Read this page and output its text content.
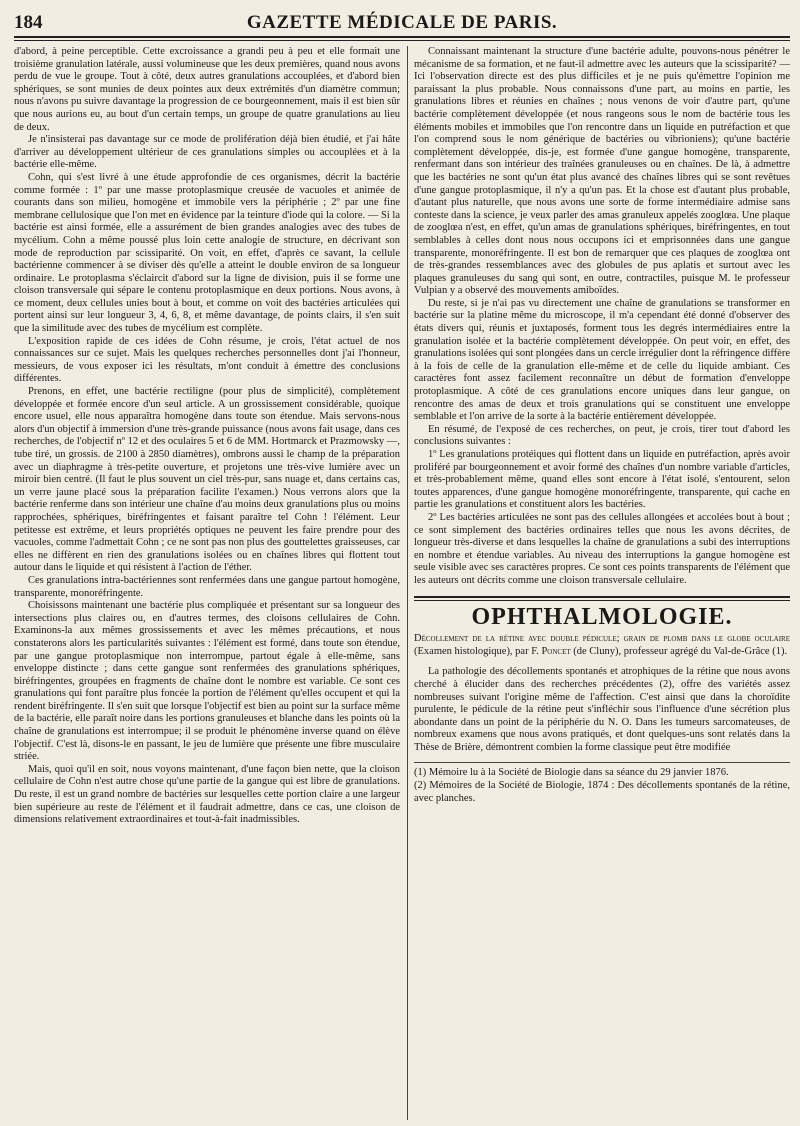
184	GAZETTE MÉDICALE DE PARIS.

d'abord, à peine perceptible. Cette excroissance a grandi peu à peu et elle formait une troisième granulation latérale, aussi volumineuse que les deux premières, quand nous avons perdu de vue le groupe. Tout à côté, deux autres granulations accouplées, et d'abord bien sphériques, se sont munies de deux pointes aux deux extrémités d'un diamètre commun; nous n'avons pu suivre davantage la progression de ce bourgeonnement, mais il est bien sûr que nous aurions eu, au bout d'un certain temps, un groupe de quatre granulations au lieu de deux.

Je n'insisterai pas davantage sur ce mode de prolifération déjà bien étudié, et j'ai hâte d'arriver au développement ultérieur de ces granulations simples ou accouplées et à la bactérie elle-même.

Cohn, qui s'est livré à une étude approfondie de ces organismes, décrit la bactérie comme formée : 1º par une masse protoplasmique creusée de vacuoles et animée de courants dans son milieu, homogène et immobile vers la périphérie ; 2º par une fine membrane cellulosique que l'on met en évidence par la teinture d'iode qui la colore. — Si la bactérie est ainsi formée, elle a assurément de bien grandes analogies avec des tubes de mycélium. Cohn a même poussé plus loin cette analogie de structure, en décrivant son mode de reproduction par scissiparité. On voit, en effet, d'après ce savant, la cellule bactérienne commencer à se diviser dès qu'elle a atteint le double environ de sa longueur ordinaire. Le protoplasma s'éclaircit d'abord sur la ligne de division, puis il se forme une cloison transversale qui sépare le contenu protoplasmique en deux portions. Nous avons, à ce moment, deux cellules unies bout à bout, et comme on voit des bactéries articulées qui portent ainsi sur leur longueur 3, 4, 6, 8, et même davantage, de points clairs, il s'en suit que la similitude avec des tubes de mycélium est complète.

L'exposition rapide de ces idées de Cohn résume, je crois, l'état actuel de nos connaissances sur ce sujet. Mais les quelques recherches personnelles dont j'ai l'honneur, messieurs, de vous exposer ici les résultats, m'ont conduit à émettre des conclusions différentes.

Prenons, en effet, une bactérie rectiligne (pour plus de simplicité), complètement développée et formée encore d'un seul article. A un grossissement considérable, quoique encore usuel, elle nous apparaîtra homogène dans toute son étendue. Mais servons-nous alors d'un objectif à immersion d'une très-grande puissance (nous avons fait usage, dans ces recherches, de l'objectif nº 12 et des oculaires 5 et 6 de MM. Hortmarck et Prazmowsky —, tube tiré, un grossis. de 2100 à 2850 diamètres), ombrons aussi le champ de la préparation avec un diaphragme à très-petite ouverture, et projetons une très-vive lumière avec un miroir bien centré. (Il faut le plus souvent un ciel très-pur, sans nuage et, dans certains cas, un verre jaune placé sous la préparation facilite l'examen.) Nous verrons alors que la bactérie renferme dans son intérieur une chaîne d'au moins deux granulations plus ou moins rapprochées, sphériques, biréfringentes et faisant paraître tel Cohn ! l'élément. Leur petitesse est extrême, et leurs propriétés optiques ne peuvent les faire prendre pour des vacuoles, comme l'admettait Cohn ; ce ne sont pas non plus des gouttelettes graisseuses, car elles ne diffèrent en rien des granulations isolées ou en chaînes libres qui flottent tout autour dans le liquide et qui résistent à l'action de l'éther.

Ces granulations intra-bactériennes sont renfermées dans une gangue partout homogène, transparente, monoréfringente.

Choisissons maintenant une bactérie plus compliquée et présentant sur sa longueur des intersections plus claires ou, en d'autres termes, des cloisons cellulaires de Cohn. Examinons-la aux mêmes grossissements et avec les mêmes précautions, et nous constaterons alors les particularités suivantes : l'élément est formé, dans toute son étendue, par une gangue protoplasmique non interrompue, partout égale à elle-même, sans enveloppe distincte ; dans cette gangue sont renfermées des granulations sphériques, biréfringentes, groupées en fragments de chaîne dont le nombre est variable. Ce sont ces granulations qui font paraître plus foncée la portion de l'élément qu'elles occupent et qui la rendent biréfringente. Il s'en suit que lorsque l'objectif est bien au point sur la surface même de la bactérie, elle paraît noire dans les portions granuleuses et blanche dans les points où la chaîne de granulations est interrompue; il se produit le phénomène inverse quand on élève l'objectif. C'est là, disons-le en passant, le jeu de lumière que présente une fibre musculaire striée.

Mais, quoi qu'il en soit, nous voyons maintenant, d'une façon bien nette, que la cloison cellulaire de Cohn n'est autre chose qu'une partie de la gangue qui est libre de granulations. Du reste, il est un grand nombre de bactéries sur lesquelles cette portion claire a une largeur bien supérieure au reste de l'élément et il faudrait admettre, dans ce cas, une cloison de dimensions relativement extraordinaires et tout-à-fait inadmissibles.

Connaissant maintenant la structure d'une bactérie adulte, pouvons-nous pénétrer le mécanisme de sa formation, et ne faut-il admettre avec les auteurs que la scissiparité? — Ici l'observation directe est des plus difficiles et je ne puis qu'émettre l'opinion me paraissant la plus probable. Nous connaissons d'une part, au moins en partie, les granulations libres et réunies en chaînes ; nous venons de voir d'autre part, qu'une bactérie complètement développée (et nous rangeons sous le nom de bactérie tous les éléments mobiles et immobiles que l'on rencontre dans un liquide en putréfaction et que l'on comprend sous le nom générique de bactéries ou vibrioniens); qu'une bactérie complètement développée, dis-je, est formée d'une gangue homogène, transparente, renfermant dans son intérieur des traînées granuleuses ou en chaînes. De là, à admettre que les bactéries ne sont qu'un état plus avancé des chaînes libres qui se sont revêtues d'une gangue protoplasmique, il n'y a qu'un pas. Et la chose est d'autant plus probable, d'autant plus naturelle, que nous avons une sorte de forme intermédiaire admise sans conteste dans la science, je veux parler des amas granuleux appelés zooglœa. Une plaque de zooglœa n'est, en effet, qu'un amas de granulations sphériques, biréfringentes, en tout semblables à celles dont nous nous occupons ici et emprisonnées dans une gangue transparente, monoréfringente. Il est bon de remarquer que ces plaques de zooglœa ont de très-grandes ressemblances avec des globules de pus aplatis et surtout avec les plaques granuleuses du sang qui sont, en outre, contractiles, puisque M. le professeur Vulpian y a observé des mouvements amiboïdes.

Du reste, si je n'ai pas vu directement une chaîne de granulations se transformer en bactérie sur la platine même du microscope, il m'a cependant été donné d'observer des états divers qui, réunis et juxtaposés, forment tous les degrés intermédiaires entre la granulation isolée et la bactérie complètement développée. On peut voir, en effet, des granulations isolées qui sont plongées dans un cercle irrégulier dont la réfringence diffère à la fois de celle de la granulation elle-même et de celle du liquide ambiant. Ces caractères font assez facilement reconnaître un début de formation d'enveloppe protoplasmique. A côté de ces granulations encore uniques dans leur gangue, on rencontre des amas de deux et trois granulations qui se constituent une enveloppe semblable et l'on arrive de la sorte à la bactérie entièrement développée.

En résumé, de l'exposé de ces recherches, on peut, je crois, tirer tout d'abord les conclusions suivantes :

1º Les granulations protéiques qui flottent dans un liquide en putréfaction, après avoir proliféré par bourgeonnement et avoir formé des chaînes d'un nombre variable d'articles, et très-probablement même, quand elles sont encore à l'état isolé, s'entourent, selon toutes apparences, d'une gangue homogène monoréfringente, transparente, qui cache en partie les granulations et constituent alors les bactéries.

2º Les bactéries articulées ne sont pas des cellules allongées et accolées bout à bout ; ce sont simplement des bactéries ordinaires telles que nous les avons décrites, de longueur très-diverse et dans lesquelles la chaîne de granulations a subi des interruptions en nombre et étendue variables. Au niveau des interruptions la gangue homogène est seule visible avec ses caractères propres. Ce sont ces points transparents de l'élément que les auteurs ont décrits comme une cloison transversale cellulaire.

OPHTHALMOLOGIE.

Décollement de la rétine avec double pédicule; grain de plomb dans le globe oculaire (Examen histologique), par F. Poncet (de Cluny), professeur agrégé du Val-de-Grâce (1).

La pathologie des décollements spontanés et atrophiques de la rétine que nous avons cherché à élucider dans des recherches précédentes (2), offre des variétés assez nombreuses suivant l'origine même de l'affection. C'est ainsi que dans la choroïdite purulente, le pédicule de la rétine peut s'infléchir sous l'influence d'une sécrétion plus abondante dans un point de la périphérie du N. O. Dans les tumeurs sarcomateuses, de nombreux examens que nous avons pratiqués, et dont quelques-uns sont relatés dans la Thèse de Brière, démontrent combien la forme classique peut être modifiée

(1) Mémoire lu à la Société de Biologie dans sa séance du 29 janvier 1876.

(2) Mémoires de la Société de Biologie, 1874 : Des décollements spontanés de la rétine, avec planches.
